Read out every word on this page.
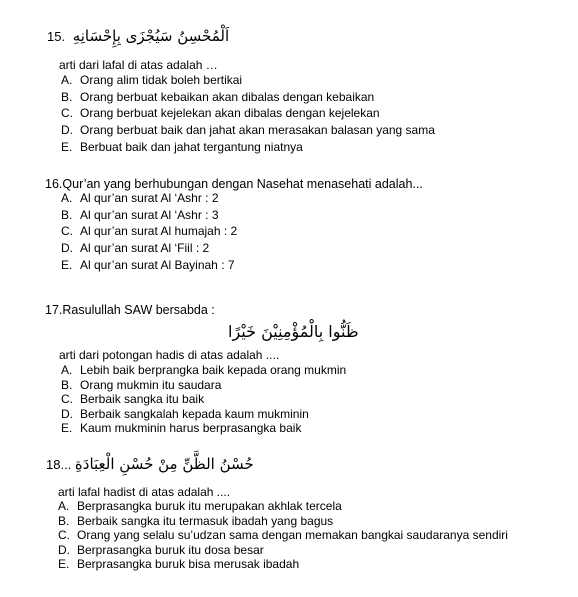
15. اَلْمُحْسِنُ سَيُجْزَى بِإِحْسَانِهِ
arti dari lafal di atas adalah …
A. Orang alim tidak boleh bertikai
B. Orang berbuat kebaikan akan dibalas dengan kebaikan
C. Orang berbuat kejelekan akan dibalas dengan kejelekan
D. Orang berbuat baik dan jahat akan merasakan balasan yang sama
E. Berbuat baik dan jahat tergantung niatnya
16.Qur’an yang berhubungan dengan Nasehat menasehati adalah...
A. Al qur’an surat Al ‘Ashr : 2
B. Al qur’an surat Al ‘Ashr : 3
C. Al qur’an surat Al humajah : 2
D. Al qur’an surat Al ‘Fiil : 2
E. Al qur’an surat Al Bayinah : 7
17.Rasulullah SAW bersabda :
ظَنُّوا بِالْمُؤْمِنِيْنَ خَيْرًا
arti dari potongan hadis di atas adalah ....
A. Lebih baik berprangka baik kepada orang mukmin
B. Orang mukmin itu saudara
C. Berbaik sangka itu baik
D. Berbaik sangkalah kepada kaum mukminin
E. Kaum mukminin harus berprasangka baik
18... حُسْنُ الظَّنِّ مِنْ حُسْنِ الْعِبَادَةِ
arti lafal hadist di atas adalah ....
A. Berprasangka buruk itu merupakan akhlak tercela
B. Berbaik sangka itu termasuk ibadah yang bagus
C. Orang yang selalu su’udzan sama dengan memakan bangkai saudaranya sendiri
D. Berprasangka buruk itu dosa besar
E. Berprasangka buruk bisa merusak ibadah
